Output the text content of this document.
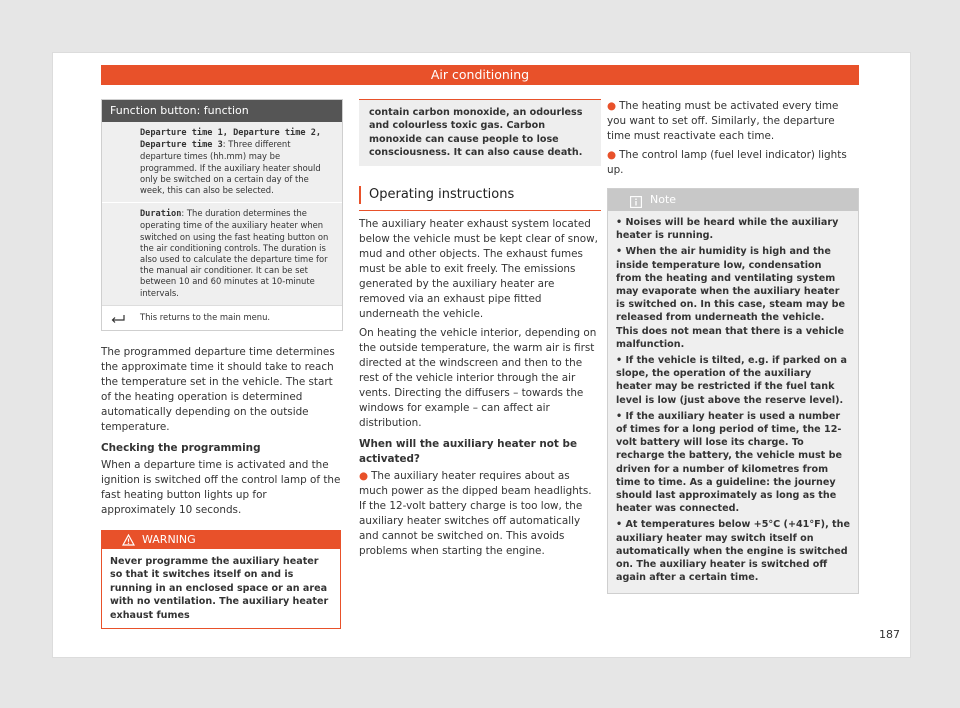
Air conditioning
Function button: function
Departure time 1, Departure time 2, Departure time 3: Three different departure times (hh.mm) may be programmed. If the auxiliary heater should only be switched on a certain day of the week, this can also be selected.
Duration: The duration determines the operating time of the auxiliary heater when switched on using the fast heating button on the air conditioning controls. The duration is also used to calculate the departure time for the manual air conditioner. It can be set between 10 and 60 minutes at 10-minute intervals.
This returns to the main menu.

The programmed departure time determines the approximate time it should take to reach the temperature set in the vehicle. The start of the heating operation is determined automatically depending on the outside temperature.

Checking the programming

When a departure time is activated and the ignition is switched off the control lamp of the fast heating button lights up for approximately 10 seconds.

WARNING
Never programme the auxiliary heater so that it switches itself on and is running in an enclosed space or an area with no ventilation. The auxiliary heater exhaust fumes
contain carbon monoxide, an odourless and colourless toxic gas. Carbon monoxide can cause people to lose consciousness. It can also cause death.
Operating instructions

The auxiliary heater exhaust system located below the vehicle must be kept clear of snow, mud and other objects. The exhaust fumes must be able to exit freely. The emissions generated by the auxiliary heater are removed via an exhaust pipe fitted underneath the vehicle.

On heating the vehicle interior, depending on the outside temperature, the warm air is first directed at the windscreen and then to the rest of the vehicle interior through the air vents. Directing the diffusers – towards the windows for example – can affect air distribution.

When will the auxiliary heater not be activated?

● The auxiliary heater requires about as much power as the dipped beam headlights. If the 12-volt battery charge is too low, the auxiliary heater switches off automatically and cannot be switched on. This avoids problems when starting the engine.

● The heating must be activated every time you want to set off. Similarly, the departure time must reactivate each time.

● The control lamp (fuel level indicator) lights up.

Note
• Noises will be heard while the auxiliary heater is running.
• When the air humidity is high and the inside temperature low, condensation from the heating and ventilating system may evaporate when the auxiliary heater is switched on. In this case, steam may be released from underneath the vehicle. This does not mean that there is a vehicle malfunction.
• If the vehicle is tilted, e.g. if parked on a slope, the operation of the auxiliary heater may be restricted if the fuel tank level is low (just above the reserve level).
• If the auxiliary heater is used a number of times for a long period of time, the 12-volt battery will lose its charge. To recharge the battery, the vehicle must be driven for a number of kilometres from time to time. As a guideline: the journey should last approximately as long as the heater was connected.
• At temperatures below +5°C (+41°F), the auxiliary heater may switch itself on automatically when the engine is switched on. The auxiliary heater is switched off again after a certain time.
187
